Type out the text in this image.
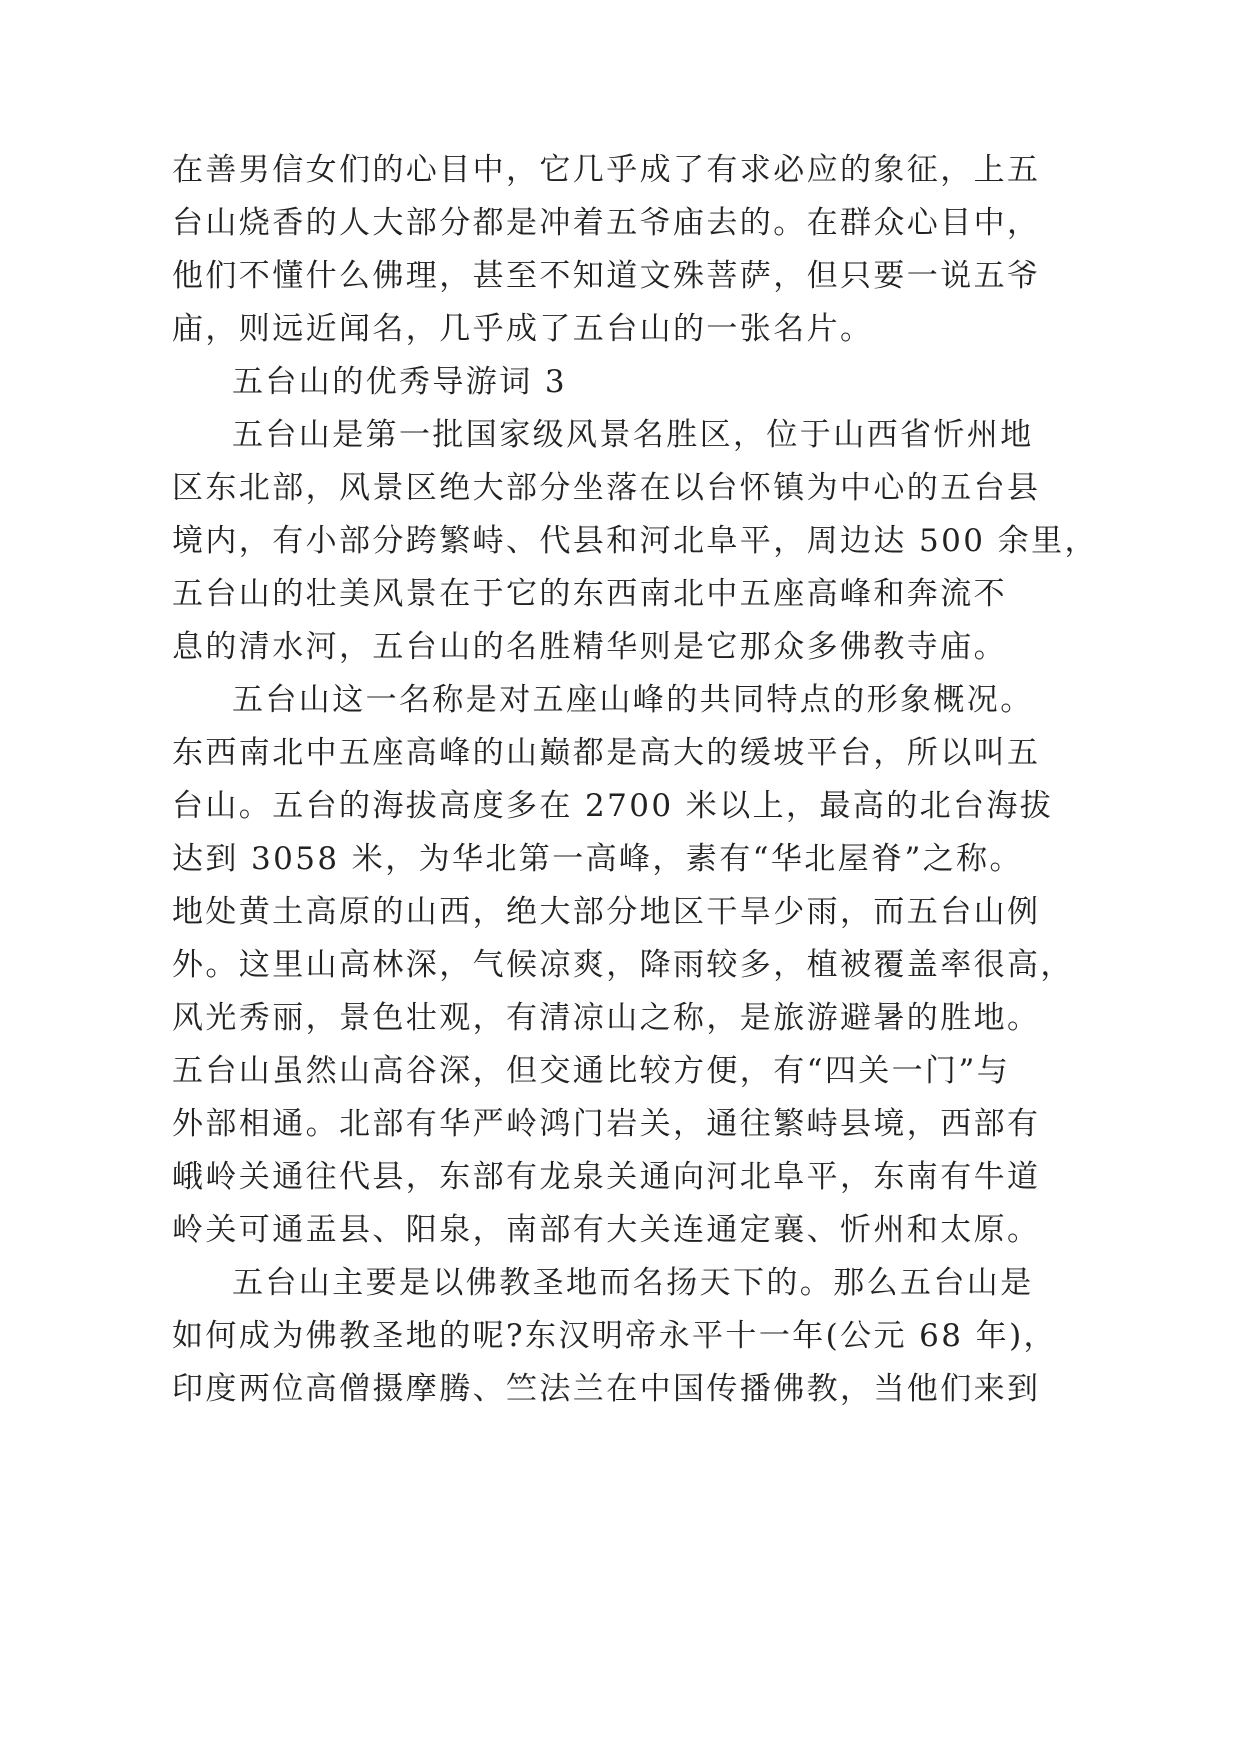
在善男信女们的心目中，它几乎成了有求必应的象征，上五
台山烧香的人大部分都是冲着五爷庙去的。在群众心目中，
他们不懂什么佛理，甚至不知道文殊菩萨，但只要一说五爷
庙，则远近闻名，几乎成了五台山的一张名片。
五台山的优秀导游词 3
五台山是第一批国家级风景名胜区，位于山西省忻州地
区东北部，风景区绝大部分坐落在以台怀镇为中心的五台县
境内，有小部分跨繁峙、代县和河北阜平，周边达 500 余里，
五台山的壮美风景在于它的东西南北中五座高峰和奔流不
息的清水河，五台山的名胜精华则是它那众多佛教寺庙。
五台山这一名称是对五座山峰的共同特点的形象概况。
东西南北中五座高峰的山巅都是高大的缓坡平台，所以叫五
台山。五台的海拔高度多在 2700 米以上，最高的北台海拔
达到 3058 米，为华北第一高峰，素有“华北屋脊”之称。
地处黄土高原的山西，绝大部分地区干旱少雨，而五台山例
外。这里山高林深，气候凉爽，降雨较多，植被覆盖率很高，
风光秀丽，景色壮观，有清凉山之称，是旅游避暑的胜地。
五台山虽然山高谷深，但交通比较方便，有“四关一门”与
外部相通。北部有华严岭鸿门岩关，通往繁峙县境，西部有
峨岭关通往代县，东部有龙泉关通向河北阜平，东南有牛道
岭关可通盂县、阳泉，南部有大关连通定襄、忻州和太原。
五台山主要是以佛教圣地而名扬天下的。那么五台山是
如何成为佛教圣地的呢?东汉明帝永平十一年(公元 68 年)，
印度两位高僧摄摩腾、竺法兰在中国传播佛教，当他们来到
